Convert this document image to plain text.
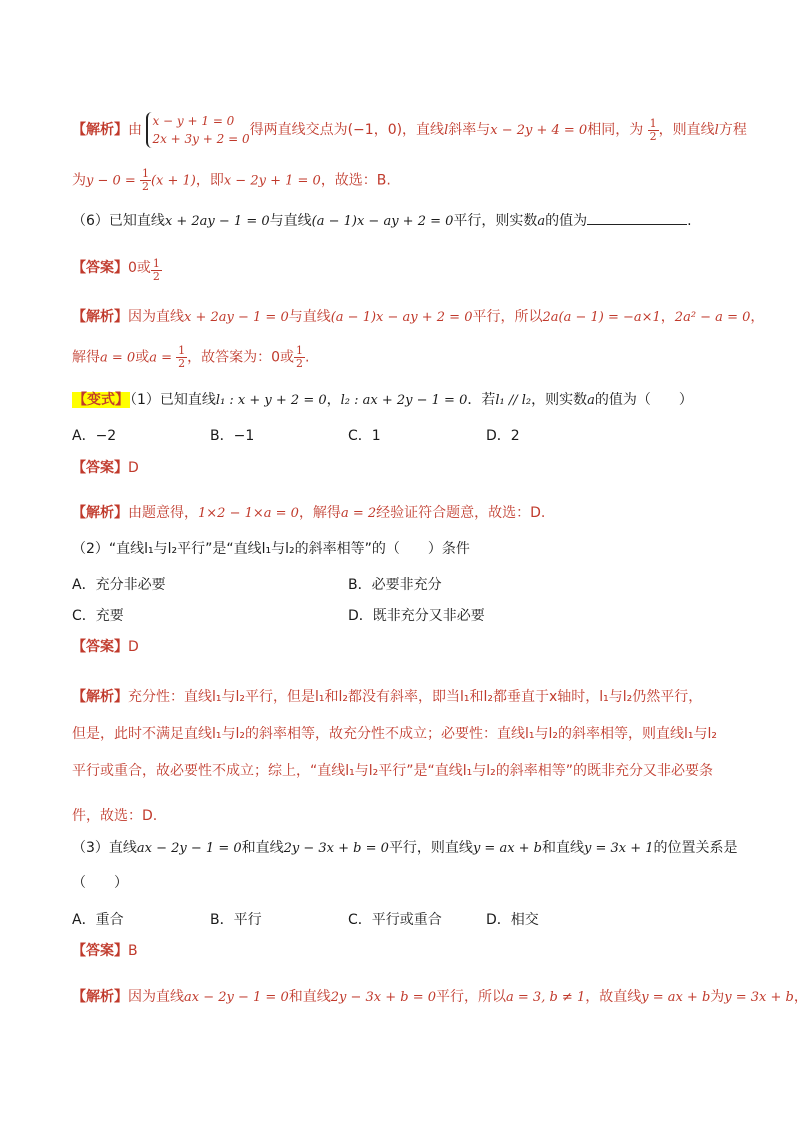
【解析】由
x − y + 1 = 0
2x + 3y + 2 = 0
得两直线交点为(−1，0)，直线l斜率与x − 2y + 4 = 0相同，为 $\frac{1}{2}$ ，则直线l方程
为$y - 0 = \frac{1}{2} (x + 1)$，即x − 2y + 1 = 0，故选：B.
（6）已知直线x + 2ay − 1 = 0与直线(a − 1)x − ay + 2 = 0平行，则实数a的值为	.
【答案】0或 $\frac{1}{2}$
【解析】因为直线x + 2ay − 1 = 0与直线(a − 1)x − ay + 2 = 0平行，所以2a(a − 1) = −a×1，2a² − a = 0，
解得a = 0或$a = \frac{1}{2}$ ，故答案为：0或 $\frac{1}{2}$ .
【变式】（1）已知直线l₁ : x + y + 2 = 0，l₂ : ax + 2y − 1 = 0．若l₁ // l₂，则实数a的值为（　　）
A．−2	B．−1	C．1	D．2
【答案】D
【解析】由题意得，1×2 − 1×a = 0，解得a = 2经验证符合题意，故选：D.
（2）“直线l₁与l₂平行”是“直线l₁与l₂的斜率相等”的（　　）条件
A．充分非必要	B．必要非充分
C．充要	D．既非充分又非必要
【答案】D
【解析】充分性：直线l₁与l₂平行，但是l₁和l₂都没有斜率，即当l₁和l₂都垂直于x轴时，l₁与l₂仍然平行，
但是，此时不满足直线l₁与l₂的斜率相等，故充分性不成立；必要性：直线l₁与l₂的斜率相等，则直线l₁与l₂
平行或重合，故必要性不成立；综上，“直线l₁与l₂平行”是“直线l₁与l₂的斜率相等”的既非充分又非必要条
件，故选：D.
（3）直线ax − 2y − 1 = 0和直线2y − 3x + b = 0平行，则直线y = ax + b和直线y = 3x + 1的位置关系是
（　　）
A．重合	B．平行	C．平行或重合	D．相交
【答案】B
【解析】因为直线ax − 2y − 1 = 0和直线2y − 3x + b = 0平行，所以a = 3, b ≠ 1，故直线y = ax + b为y = 3x + b，
